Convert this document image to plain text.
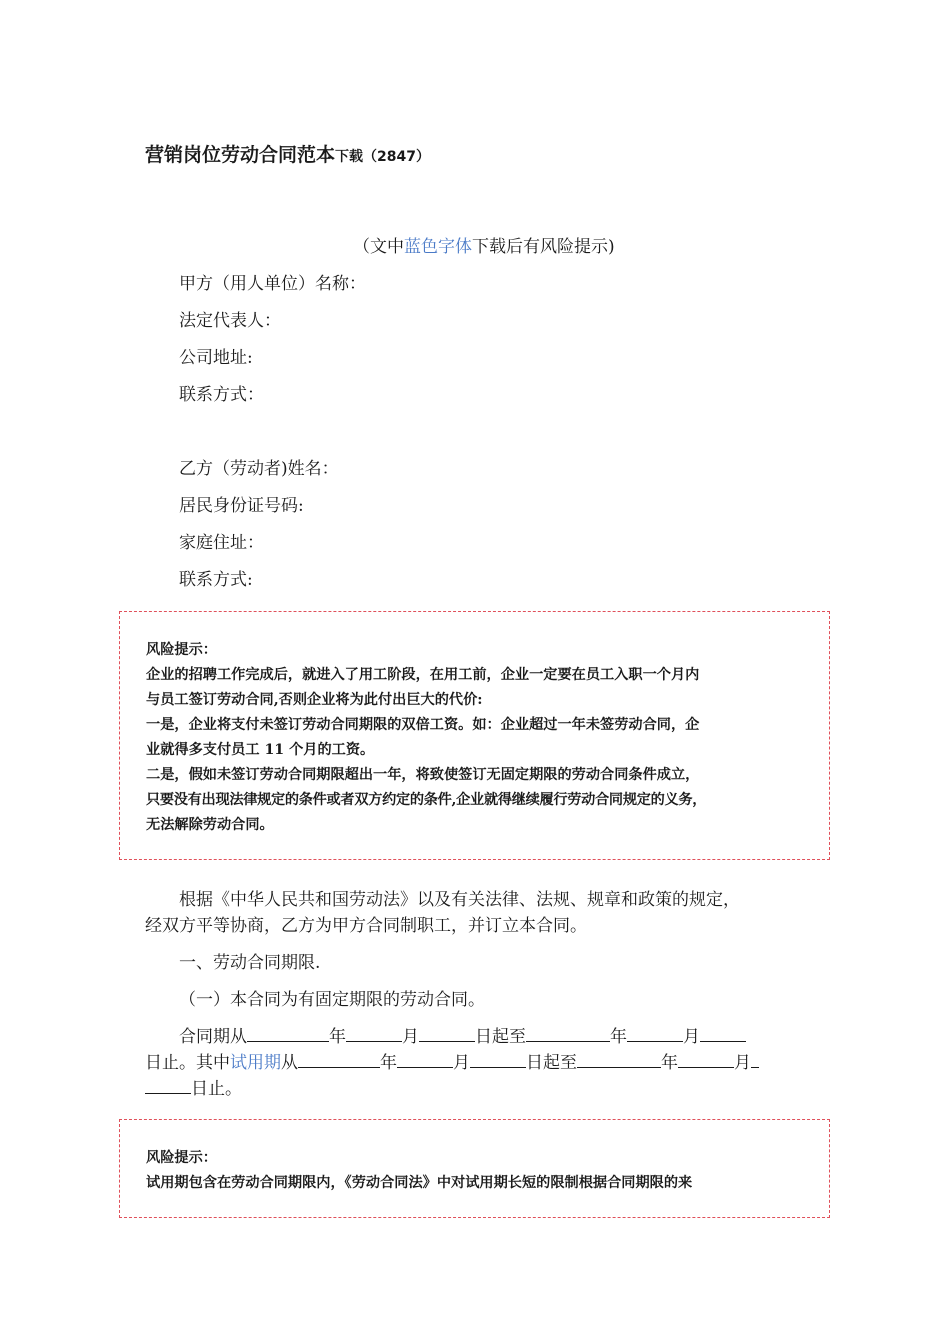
营销岗位劳动合同范本下载（2847）
（文中蓝色字体下载后有风险提示)
甲方（用人单位）名称：
法定代表人：
公司地址:
联系方式：
乙方（劳动者)姓名：
居民身份证号码:
家庭住址：
联系方式:
风险提示：
企业的招聘工作完成后，就进入了用工阶段，在用工前，企业一定要在员工入职一个月内
与员工签订劳动合同,否则企业将为此付出巨大的代价:
一是，企业将支付未签订劳动合同期限的双倍工资。如：企业超过一年未签劳动合同，企
业就得多支付员工 11 个月的工资。
二是，假如未签订劳动合同期限超出一年，将致使签订无固定期限的劳动合同条件成立，
只要没有出现法律规定的条件或者双方约定的条件,企业就得继续履行劳动合同规定的义务，
无法解除劳动合同。
根据《中华人民共和国劳动法》以及有关法律、法规、规章和政策的规定，
经双方平等协商，乙方为甲方合同制职工，并订立本合同。
一、劳动合同期限.
（一）本合同为有固定期限的劳动合同。
合同期从	年	月	日起至	年	月
日止。其中试用期从	年	月	日起至	年	月
日止。
风险提示：
试用期包含在劳动合同期限内，《劳动合同法》中对试用期长短的限制根据合同期限的来
